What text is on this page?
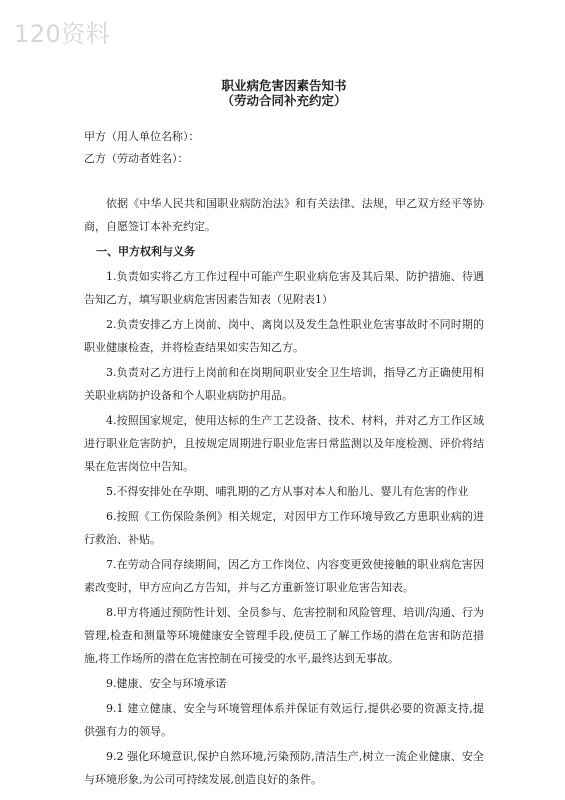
120资料
职业病危害因素告知书
（劳动合同补充约定）
甲方（用人单位名称）：
乙方（劳动者姓名）：

依据《中华人民共和国职业病防治法》和有关法律、法规，甲乙双方经平等协商，自愿签订本补充约定。

一、甲方权利与义务

1.负责如实将乙方工作过程中可能产生职业病危害及其后果、防护措施、待遇告知乙方，填写职业病危害因素告知表（见附表1）

2.负责安排乙方上岗前、岗中、离岗以及发生急性职业危害事故时不同时期的职业健康检查，并将检查结果如实告知乙方。

3.负责对乙方进行上岗前和在岗期间职业安全卫生培训，指导乙方正确使用相关职业病防护设备和个人职业病防护用品。

4.按照国家规定，使用达标的生产工艺设备、技术、材料，并对乙方工作区域进行职业危害防护，且按规定周期进行职业危害日常监测以及年度检测、评价将结果在危害岗位中告知。

5.不得安排处在孕期、哺乳期的乙方从事对本人和胎儿、婴儿有危害的作业

6.按照《工伤保险条例》相关规定，对因甲方工作环境导致乙方患职业病的进行救治、补贴。

7.在劳动合同存续期间，因乙方工作岗位、内容变更致使接触的职业病危害因素改变时，甲方应向乙方告知，并与乙方重新签订职业危害告知表。

8.甲方将通过预防性计划、全员参与、危害控制和风险管理、培训/沟通、行为管理,检查和测量等环境健康安全管理手段,使员工了解工作场的潜在危害和防范措施,将工作场所的潜在危害控制在可接受的水平,最终达到无事故。

9.健康、安全与环境承诺

9.1 建立健康、安全与环境管理体系并保证有效运行,提供必要的资源支持,提供强有力的领导。

9.2 强化环境意识,保护自然环境,污染预防,清洁生产,树立一流企业健康、安全与环境形象,为公司可持续发展,创造良好的条件。
